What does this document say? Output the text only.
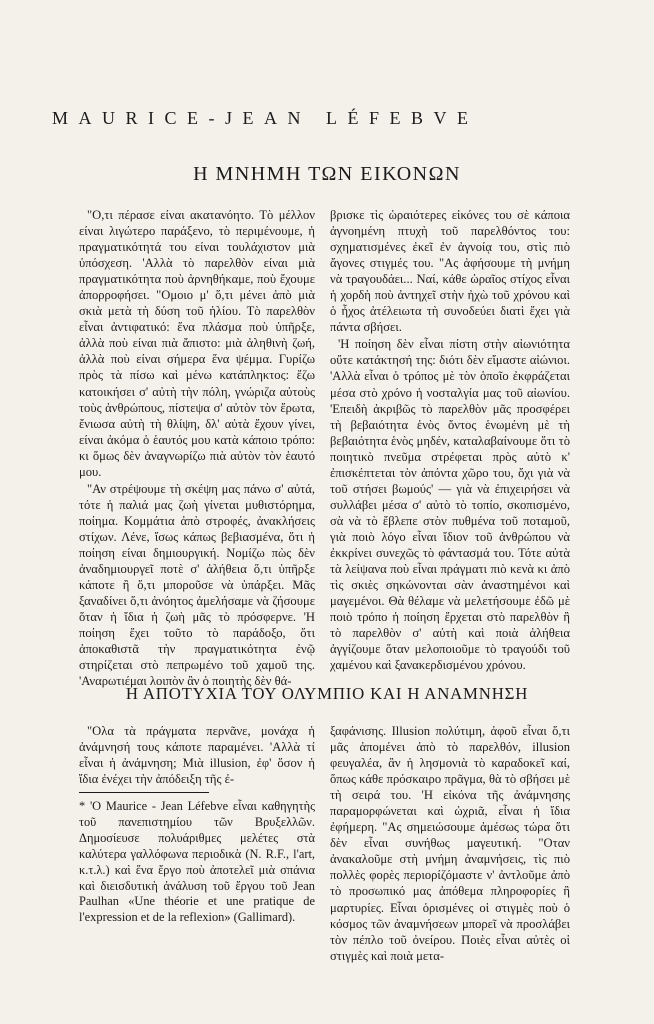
MAURICE-JEAN LÉFEBVE
Η ΜΝΗΜΗ ΤΩΝ ΕΙΚΟΝΩΝ

"Ο,τι πέρασε είναι ακατανόητο. Τὸ μέλλον είναι λιγώτερο παράξενο, τὸ περιμένουμε, ἡ πραγματικότητά του είναι τουλάχιστον μιὰ ὑπόσχεση. 'Αλλὰ τὸ παρελθὸν είναι μιὰ πραγματικότητα ποὺ ἀρνηθήκαμε, ποὺ ἔχουμε ἀπορροφήσει. "Ομοιο μ' ὅ,τι μένει ἀπὸ μιὰ σκιὰ μετὰ τὴ δύση τοῦ ἡλίου. Τὸ παρελθὸν εἶναι ἀντιφατικό: ἕνα πλάσμα ποὺ ὑπῆρξε, ἀλλὰ ποὺ είναι πιὰ ἄπιστο: μιὰ ἀληθινὴ ζωή, ἀλλὰ ποὺ είναι σήμερα ἕνα ψέμμα. Γυρίζω πρὸς τὰ πίσω καὶ μένω κατάπληκτος: ἔζω κατοικήσει σ' αὐτὴ τὴν πόλη, γνώριζα αὐτοὺς τοὺς ἀνθρώπους, πίστεψα σ' αὐτὸν τὸν ἔρωτα, ἔνιωσα αὐτὴ τὴ θλίψη, δλ' αὐτὰ ἔχουν γίνει, είναι ἀκόμα ὁ ἑαυτός μου κατὰ κάποιο τρόπο: κι ὅμως δὲν ἀναγνωρίζω πιὰ αὐτὸν τὸν ἑαυτό μου.

"Αν στρέψουμε τὴ σκέψη μας πάνω σ' αὐτά, τότε ἡ παλιά μας ζωὴ γίνεται μυθιστόρημα, ποίημα. Κομμάτια ἀπὸ στροφές, ἀνακλήσεις στίχων. Λένε, ἴσως κάπως βεβιασμένα, ὅτι ἡ ποίηση είναι δημιουργική. Νομίζω πὼς δὲν ἀναδημιουργεῖ ποτὲ σ' ἀλήθεια ὅ,τι ὑπῆρξε κάποτε ἢ ὅ,τι μποροῦσε νὰ ὑπάρξει. Μᾶς ξαναδίνει ὅ,τι ἀνόητος ἀμελήσαμε νὰ ζήσουμε ὅταν ἡ ἴδια ἡ ζωὴ μᾶς τὸ πρόσφερνε. 'Η ποίηση ἔχει τοῦτο τὸ παράδοξο, ὅτι ἀποκαθιστᾶ τὴν πραγματικότητα ἐνῷ στηρίζεται στὸ πεπρωμένο τοῦ χαμοῦ της. 'Αναρωτιέμαι λοιπὸν ἂν ὁ ποιητὴς δὲν θά-

βρισκε τὶς ὡραιότερες εἰκόνες του σὲ κάποια ἀγνοημένη πτυχὴ τοῦ παρελθόντος του: σχηματισμένες ἐκεῖ ἐν ἀγνοίᾳ του, στὶς πιὸ ἄγονες στιγμές του. "Ας ἀφήσουμε τὴ μνήμη νὰ τραγουδάει... Ναί, κάθε ὡραῖος στίχος εἶναι ἡ χορδὴ ποὺ ἀντηχεῖ στὴν ἠχὼ τοῦ χρόνου καὶ ὁ ἦχος ἀτέλειωτα τὴ συνοδεύει διατὶ ἔχει γιὰ πάντα σβήσει.

'Η ποίηση δὲν εἶναι πίστη στὴν αἰωνιότητα οὔτε κατάκτησή της: διότι δὲν εἴμαστε αἰώνιοι. 'Αλλὰ εἶναι ὁ τρόπος μὲ τὸν ὁποῖο ἐκφράζεται μέσα στὸ χρόνο ἡ νοσταλγία μας τοῦ αἰωνίου. 'Επειδὴ ἀκριβῶς τὸ παρελθὸν μᾶς προσφέρει τὴ βεβαιότητα ἑνὸς ὄντος ἑνωμένη μὲ τὴ βεβαιότητα ἑνὸς μηδέν, καταλαβαίνουμε ὅτι τὸ ποιητικὸ πνεῦμα στρέφεται πρὸς αὐτὸ κ' ἐπισκέπτεται τὸν ἀπόντα χῶρο του, ὄχι γιὰ νὰ τοῦ στήσει βωμούς' — γιὰ νὰ ἐπιχειρήσει νὰ συλλάβει μέσα σ' αὐτὸ τὸ τοπίο, σκοπισμένο, σὰ νὰ τὸ ἔβλεπε στὸν πυθμένα τοῦ ποταμοῦ, γιὰ ποιὸ λόγο εἶναι ἴδιον τοῦ ἀνθρώπου νὰ ἐκκρίνει συνεχῶς τὸ φάντασμά του. Τότε αὐτὰ τὰ λείψανα ποὺ εἶναι πράγματι πιὸ κενὰ κι ἀπὸ τὶς σκιὲς σηκώνονται σὰν ἀναστημένοι καὶ μαγεμένοι. Θὰ θέλαμε νὰ μελετήσουμε ἐδῶ μὲ ποιὸ τρόπο ἡ ποίηση ἔρχεται στὸ παρελθὸν ἢ τὸ παρελθὸν σ' αὐτὴ καὶ ποιὰ ἀλήθεια ἀγγίζουμε ὅταν μελοποιοῦμε τὸ τραγούδι τοῦ χαμένου καὶ ξανακερδισμένου χρόνου.

Η ΑΠΟΤΥΧΙΑ ΤΟΥ ΟΛΥΜΠΙΟ ΚΑΙ Η ΑΝΑΜΝΗΣΗ

"Ολα τὰ πράγματα περνᾶνε, μονάχα ἡ ἀνάμνησή τους κάποτε παραμένει. 'Αλλὰ τί εἶναι ἡ ἀνάμνηση; Μιὰ illusion, ἐφ' ὅσον ἡ ἴδια ἐνέχει τὴν ἀπόδειξη τῆς ἐ-

* 'Ο Maurice - Jean Léfebve εἶναι καθηγητὴς τοῦ πανεπιστημίου τῶν Βρυξελλῶν. Δημοσίευσε πολυάριθμες μελέτες στὰ καλύτερα γαλλόφωνα περιοδικὰ (N. R.F., l'art, κ.τ.λ.) καὶ ἕνα ἔργο ποὺ ἀποτελεῖ μιὰ σπάνια καὶ διεισδυτικὴ ἀνάλυση τοῦ ἔργου τοῦ Jean Paulhan «Une théorie et une pratique de l'expression et de la reflexion» (Gallimard).

ξαφάνισης. Illusion πολύτιμη, ἀφοῦ εἶναι ὅ,τι μᾶς ἀπομένει ἀπὸ τὸ παρελθόν, illusion φευγαλέα, ἂν ἡ λησμονιὰ τὸ καραδοκεῖ καί, ὅπως κάθε πρόσκαιρο πρᾶγμα, θὰ τὸ σβήσει μὲ τὴ σειρά του. 'Η εἰκόνα τῆς ἀνάμνησης παραμορφώνεται καὶ ὠχριᾶ, εἶναι ἡ ἴδια ἐφήμερη. "Ας σημειώσουμε ἀμέσως τώρα ὅτι δὲν εἶναι συνήθως μαγευτική. "Οταν ἀνακαλοῦμε στὴ μνήμη ἀναμνήσεις, τὶς πιὸ πολλὲς φορὲς περιορίζόμαστε ν' ἀντλοῦμε ἀπὸ τὸ προσωπικό μας ἀπόθεμα πληροφορίες ἢ μαρτυρίες. Εἶναι ὁρισμένες οἱ στιγμὲς ποὺ ὁ κόσμος τῶν ἀναμνήσεων μπορεῖ νὰ προσλάβει τὸν πέπλο τοῦ ὀνείρου. Ποιὲς εἶναι αὐτὲς οἱ στιγμὲς καὶ ποιὰ μετα-
